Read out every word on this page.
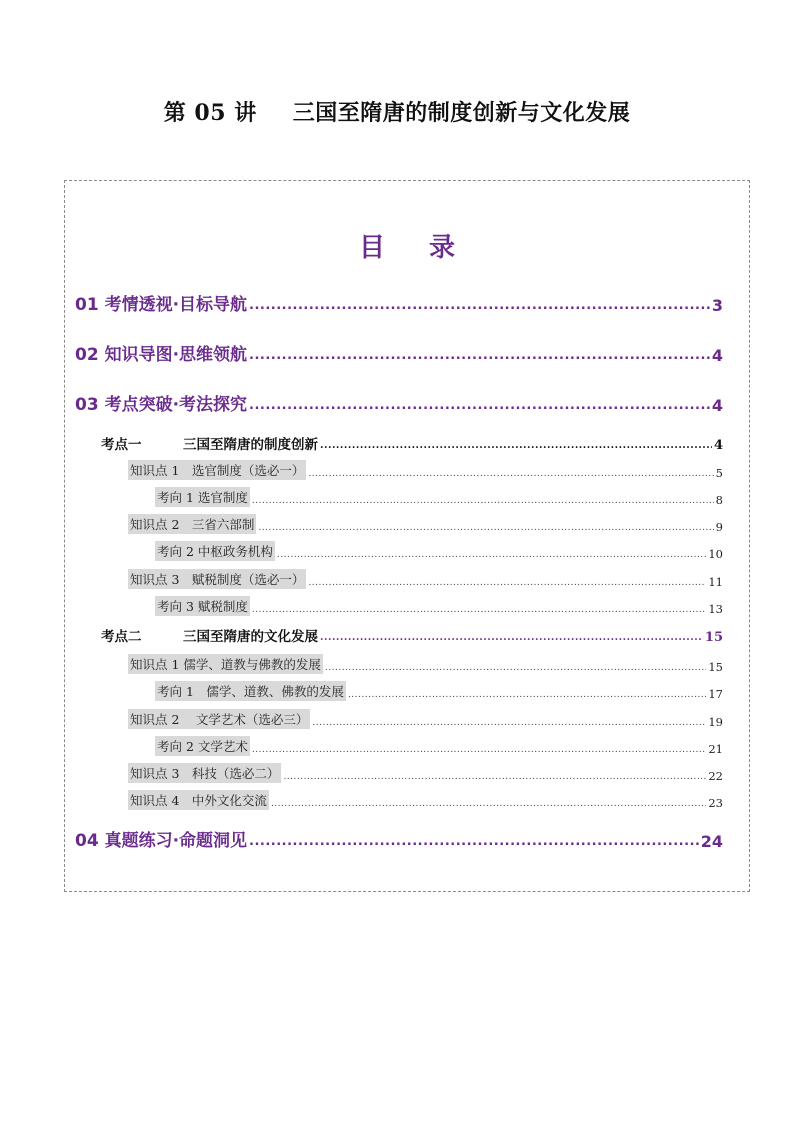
第 05 讲 三国至隋唐的制度创新与文化发展
目 录
01 考情透视·目标导航 .....	3
02 知识导图·思维领航 .....	4
03 考点突破·考法探究 .....	4
考点一	三国至隋唐的制度创新 .....	4
知识点 1　选官制度（选必一） .....	5
考向 1 选官制度 .....	8
知识点 2　三省六部制 .....	9
考向 2 中枢政务机构 .....	10
知识点 3　赋税制度（选必一） .....	11
考向 3 赋税制度 .....	13
考点二	三国至隋唐的文化发展 .....	15
知识点 1 儒学、道教与佛教的发展 .....	15
考向 1　儒学、道教、佛教的发展 .....	17
知识点 2　 文学艺术（选必三） .....	19
考向 2 文学艺术 .....	21
知识点 3　科技（选必二） .....	22
知识点 4　中外文化交流 .....	23
04 真题练习·命题洞见 .....	24
